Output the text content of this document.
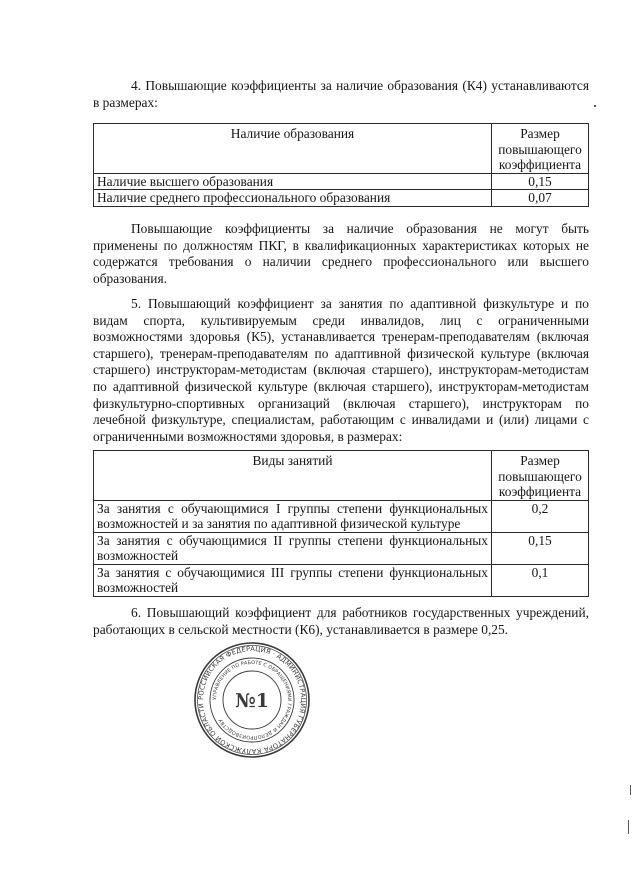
4. Повышающие коэффициенты за наличие образования (К4) устанавливаются в размерах:

Наличие образования	Размер повышающего коэффициента
Наличие высшего образования	0,15
Наличие среднего профессионального образования	0,07

Повышающие коэффициенты за наличие образования не могут быть применены по должностям ПКГ, в квалификационных характеристиках которых не содержатся требования о наличии среднего профессионального или высшего образования.

5. Повышающий коэффициент за занятия по адаптивной физкультуре и по видам спорта, культивируемым среди инвалидов, лиц с ограниченными возможностями здоровья (К5), устанавливается тренерам-преподавателям (включая старшего), тренерам-преподавателям по адаптивной физической культуре (включая старшего) инструкторам-методистам (включая старшего), инструкторам-методистам по адаптивной физической культуре (включая старшего), инструкторам-методистам физкультурно-спортивных организаций (включая старшего), инструкторам по лечебной физкультуре, специалистам, работающим с инвалидами и (или) лицами с ограниченными возможностями здоровья, в размерах:

Виды занятий	Размер повышающего коэффициента
За занятия с обучающимися I группы степени функциональных возможностей и за занятия по адаптивной физической культуре	0,2
За занятия с обучающимися II группы степени функциональных возможностей	0,15
За занятия с обучающимися III группы степени функциональных возможностей	0,1

6. Повышающий коэффициент для работников государственных учреждений, работающих в сельской местности (К6), устанавливается в размере 0,25.

РОССИЙСКАЯ ФЕДЕРАЦИЯ · АДМИНИСТРАЦИЯ ГУБЕРНАТОРА КАЛУЖСКОЙ ОБЛАСТИ
УПРАВЛЕНИЕ ПО РАБОТЕ С ОБРАЩЕНИЯМИ ГРАЖДАН И ДЕЛОПРОИЗВОДСТВУ
№1
